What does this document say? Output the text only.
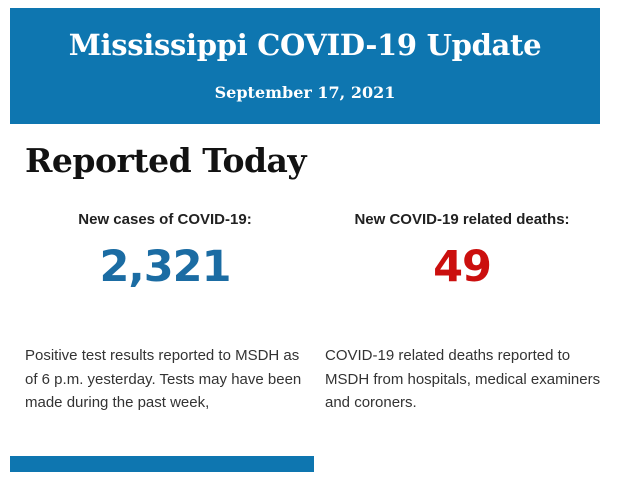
Mississippi COVID-19 Update
September 17, 2021
Reported Today
New cases of COVID-19:	New COVID-19 related deaths:
2,321	49

Positive test results reported to MSDH as of 6 p.m. yesterday. Tests may have been made during the past week,

COVID-19 related deaths reported to MSDH from hospitals, medical examiners and coroners.
